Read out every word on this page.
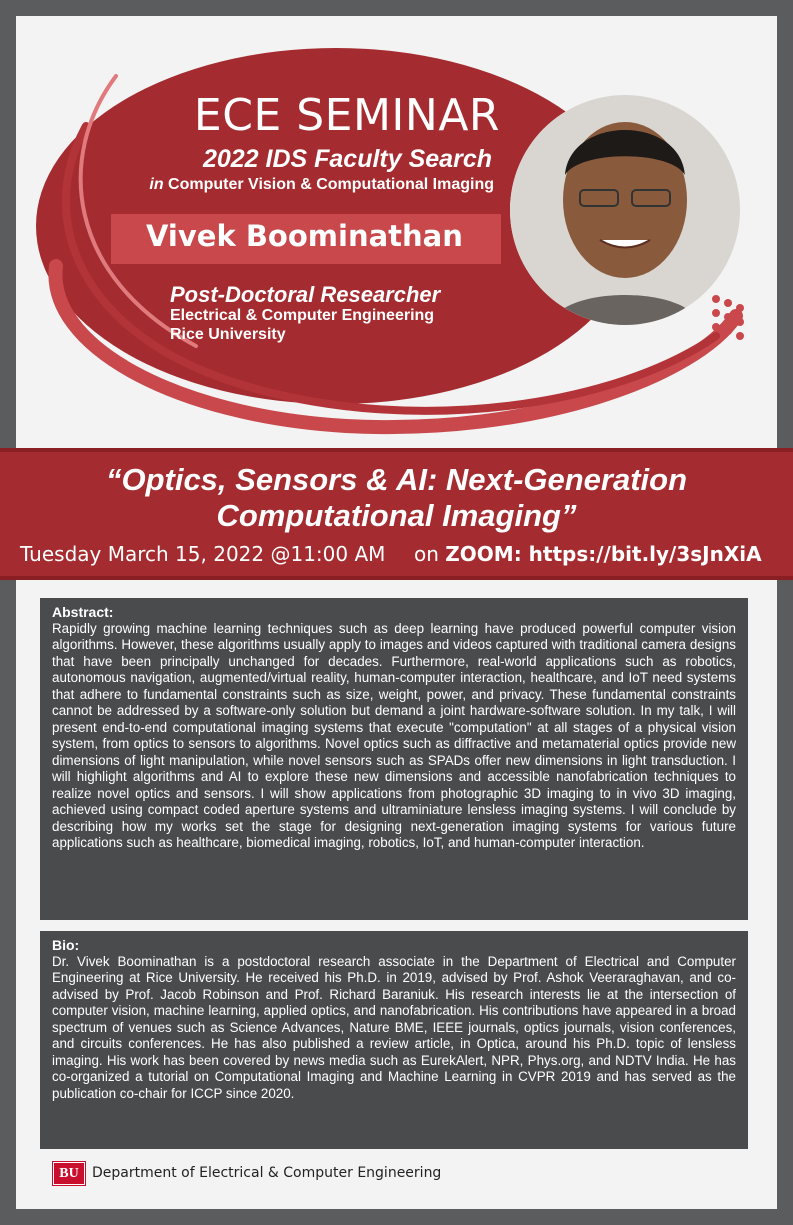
ECE SEMINAR
2022 IDS Faculty Search
in Computer Vision & Computational Imaging
Vivek Boominathan
Post-Doctoral Researcher
Electrical & Computer Engineering
Rice University
“Optics, Sensors & AI: Next-Generation
Computational Imaging”
Tuesday March 15, 2022 @11:00 AM on ZOOM: https://bit.ly/3sJnXiA
Abstract:
Rapidly growing machine learning techniques such as deep learning have produced powerful computer vision algorithms. However, these algorithms usually apply to images and videos captured with traditional camera designs that have been principally unchanged for decades. Furthermore, real-world applications such as robotics, autonomous navigation, augmented/virtual reality, human-computer interaction, healthcare, and IoT need systems that adhere to fundamental constraints such as size, weight, power, and privacy. These fundamental constraints cannot be addressed by a software-only solution but demand a joint hardware-software solution. In my talk, I will present end-to-end computational imaging systems that execute "computation" at all stages of a physical vision system, from optics to sensors to algorithms. Novel optics such as diffractive and metamaterial optics provide new dimensions of light manipulation, while novel sensors such as SPADs offer new dimensions in light transduction. I will highlight algorithms and AI to explore these new dimensions and accessible nanofabrication techniques to realize novel optics and sensors. I will show applications from photographic 3D imaging to in vivo 3D imaging, achieved using compact coded aperture systems and ultraminiature lensless imaging systems. I will conclude by describing how my works set the stage for designing next-generation imaging systems for various future applications such as healthcare, biomedical imaging, robotics, IoT, and human-computer interaction.
Bio:
Dr. Vivek Boominathan is a postdoctoral research associate in the Department of Electrical and Computer Engineering at Rice University. He received his Ph.D. in 2019, advised by Prof. Ashok Veeraraghavan, and co-advised by Prof. Jacob Robinson and Prof. Richard Baraniuk. His research interests lie at the intersection of computer vision, machine learning, applied optics, and nanofabrication. His contributions have appeared in a broad spectrum of venues such as Science Advances, Nature BME, IEEE journals, optics journals, vision conferences, and circuits conferences. He has also published a review article, in Optica, around his Ph.D. topic of lensless imaging. His work has been covered by news media such as EurekAlert, NPR, Phys.org, and NDTV India. He has co-organized a tutorial on Computational Imaging and Machine Learning in CVPR 2019 and has served as the publication co-chair for ICCP since 2020.
BU Department of Electrical & Computer Engineering
